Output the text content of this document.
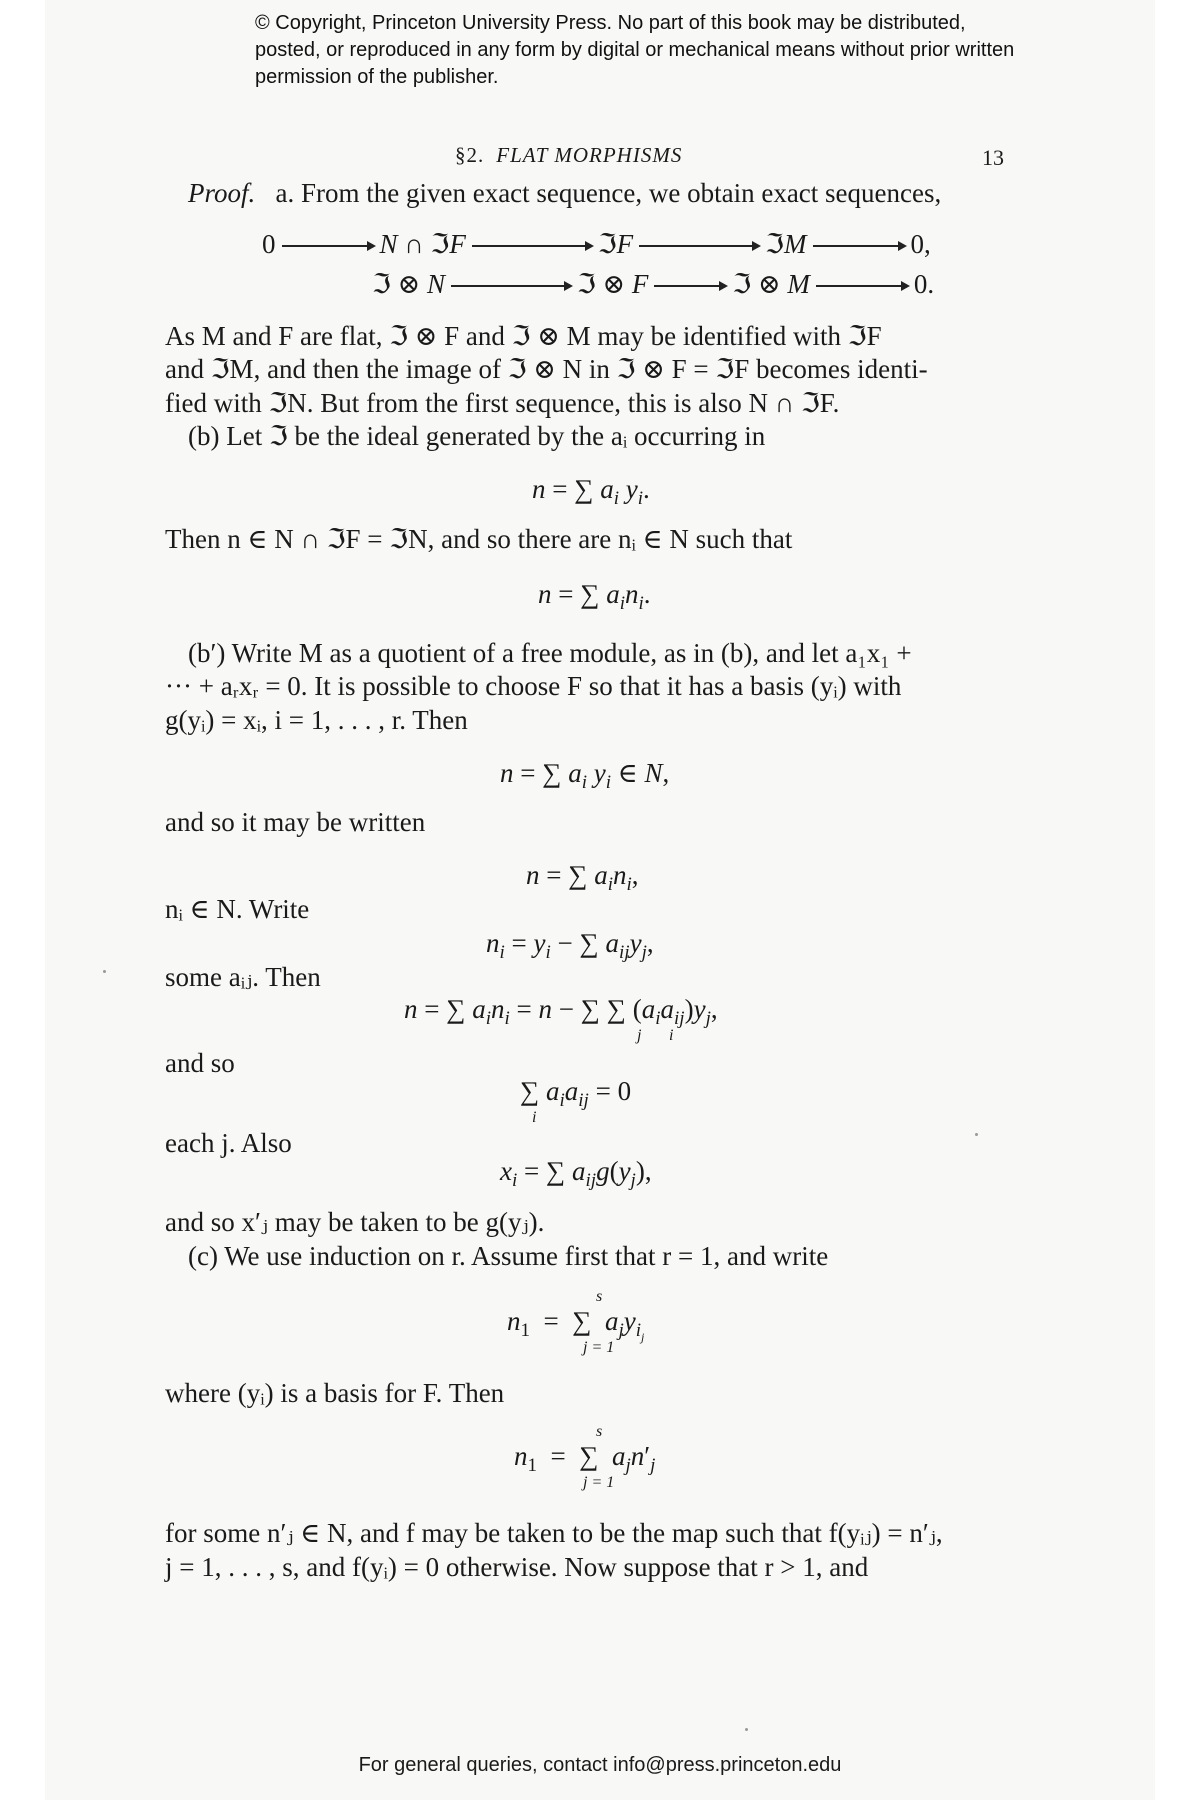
© Copyright, Princeton University Press. No part of this book may be distributed, posted, or reproduced in any form by digital or mechanical means without prior written permission of the publisher.
§2. FLAT MORPHISMS	13
Proof. a. From the given exact sequence, we obtain exact sequences,
0	N ∩ ℑF	ℑF	ℑM	0,
ℑ ⊗ N	ℑ ⊗ F	ℑ ⊗ M	0.
As M and F are flat, ℑ ⊗ F and ℑ ⊗ M may be identified with ℑF
and ℑM, and then the image of ℑ ⊗ N in ℑ ⊗ F = ℑF becomes identi-
fied with ℑN. But from the first sequence, this is also N ∩ ℑF.
(b) Let ℑ be the ideal generated by the aᵢ occurring in
n = ∑ $a_i$ $y_i$.
Then n ∈ N ∩ ℑF = ℑN, and so there are nᵢ ∈ N such that
n = ∑ $a_in_i$.
(b′) Write M as a quotient of a free module, as in (b), and let a₁x₁ +
··· + aᵣxᵣ = 0. It is possible to choose F so that it has a basis (yᵢ) with
g(yᵢ) = xᵢ, i = 1, . . . , r. Then
n = ∑ $a_i$ $y_i$ ∈ N,
and so it may be written
n = ∑ $a_in_i$,
nᵢ ∈ N. Write
$n_i = y_i$ − ∑ $a_{ij}y_j$,
some aᵢⱼ. Then
n = ∑ $a_in_i = n$ − ∑ ∑ $(a_ia_{ij})y_j$,
j i
and so
∑ $a_ia_{ij} = 0$
i
each j. Also
$x_i$ = ∑ $a_{ij}g(y_j)$,
and so x′ⱼ may be taken to be g(yⱼ).
(c) We use induction on r. Assume first that r = 1, and write
s
$n_1$  =  ∑  $a_jy_{i_j}$
j = 1
where (yᵢ) is a basis for F. Then
s
$n_1$  =  ∑  $a_jn'_j$
j = 1
for some n′ⱼ ∈ N, and f may be taken to be the map such that f(yᵢⱼ) = n′ⱼ,
j = 1, . . . , s, and f(yᵢ) = 0 otherwise. Now suppose that r > 1, and
For general queries, contact info@press.princeton.edu
